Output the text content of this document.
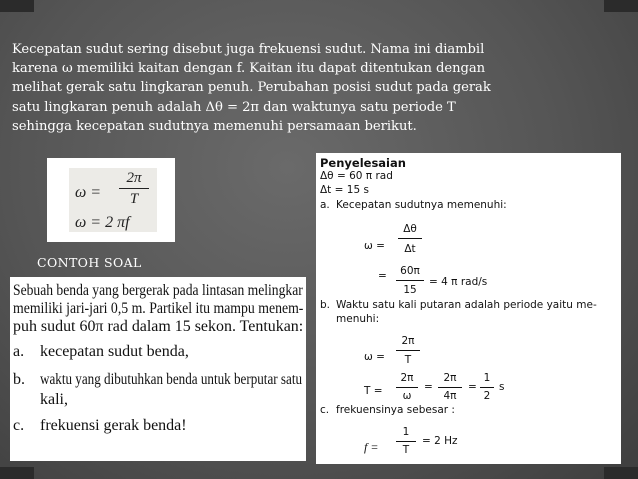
Kecepatan sudut sering disebut juga frekuensi sudut. Nama ini diambil
karena ω memiliki kaitan dengan f. Kaitan itu dapat ditentukan dengan
melihat gerak satu lingkaran penuh. Perubahan posisi sudut pada gerak
satu lingkaran penuh adalah Δθ = 2π dan waktunya satu periode T
sehingga kecepatan sudutnya memenuhi persamaan berikut.
ω =
2π
T
ω = 2 πf
CONTOH SOAL
Sebuah benda yang bergerak pada lintasan melingkar
memiliki jari-jari 0,5 m. Partikel itu mampu menem-
puh sudut 60π rad dalam 15 sekon. Tentukan:
a. kecepatan sudut benda,
b. waktu yang dibutuhkan benda untuk berputar satu
kali,
c. frekuensi gerak benda!
Penyelesaian
Δθ = 60 π rad
Δt = 15 s
a. Kecepatan sudutnya memenuhi:
ω =
Δθ
Δt
=	60π
15
= 4 π rad/s
b. Waktu satu kali putaran adalah periode yaitu me-
menuhi:
ω =
2π
T
T =
2π
ω
=
2π
4π
=
1
2
s
c. frekuensinya sebesar :
f =
1
T
= 2 Hz
